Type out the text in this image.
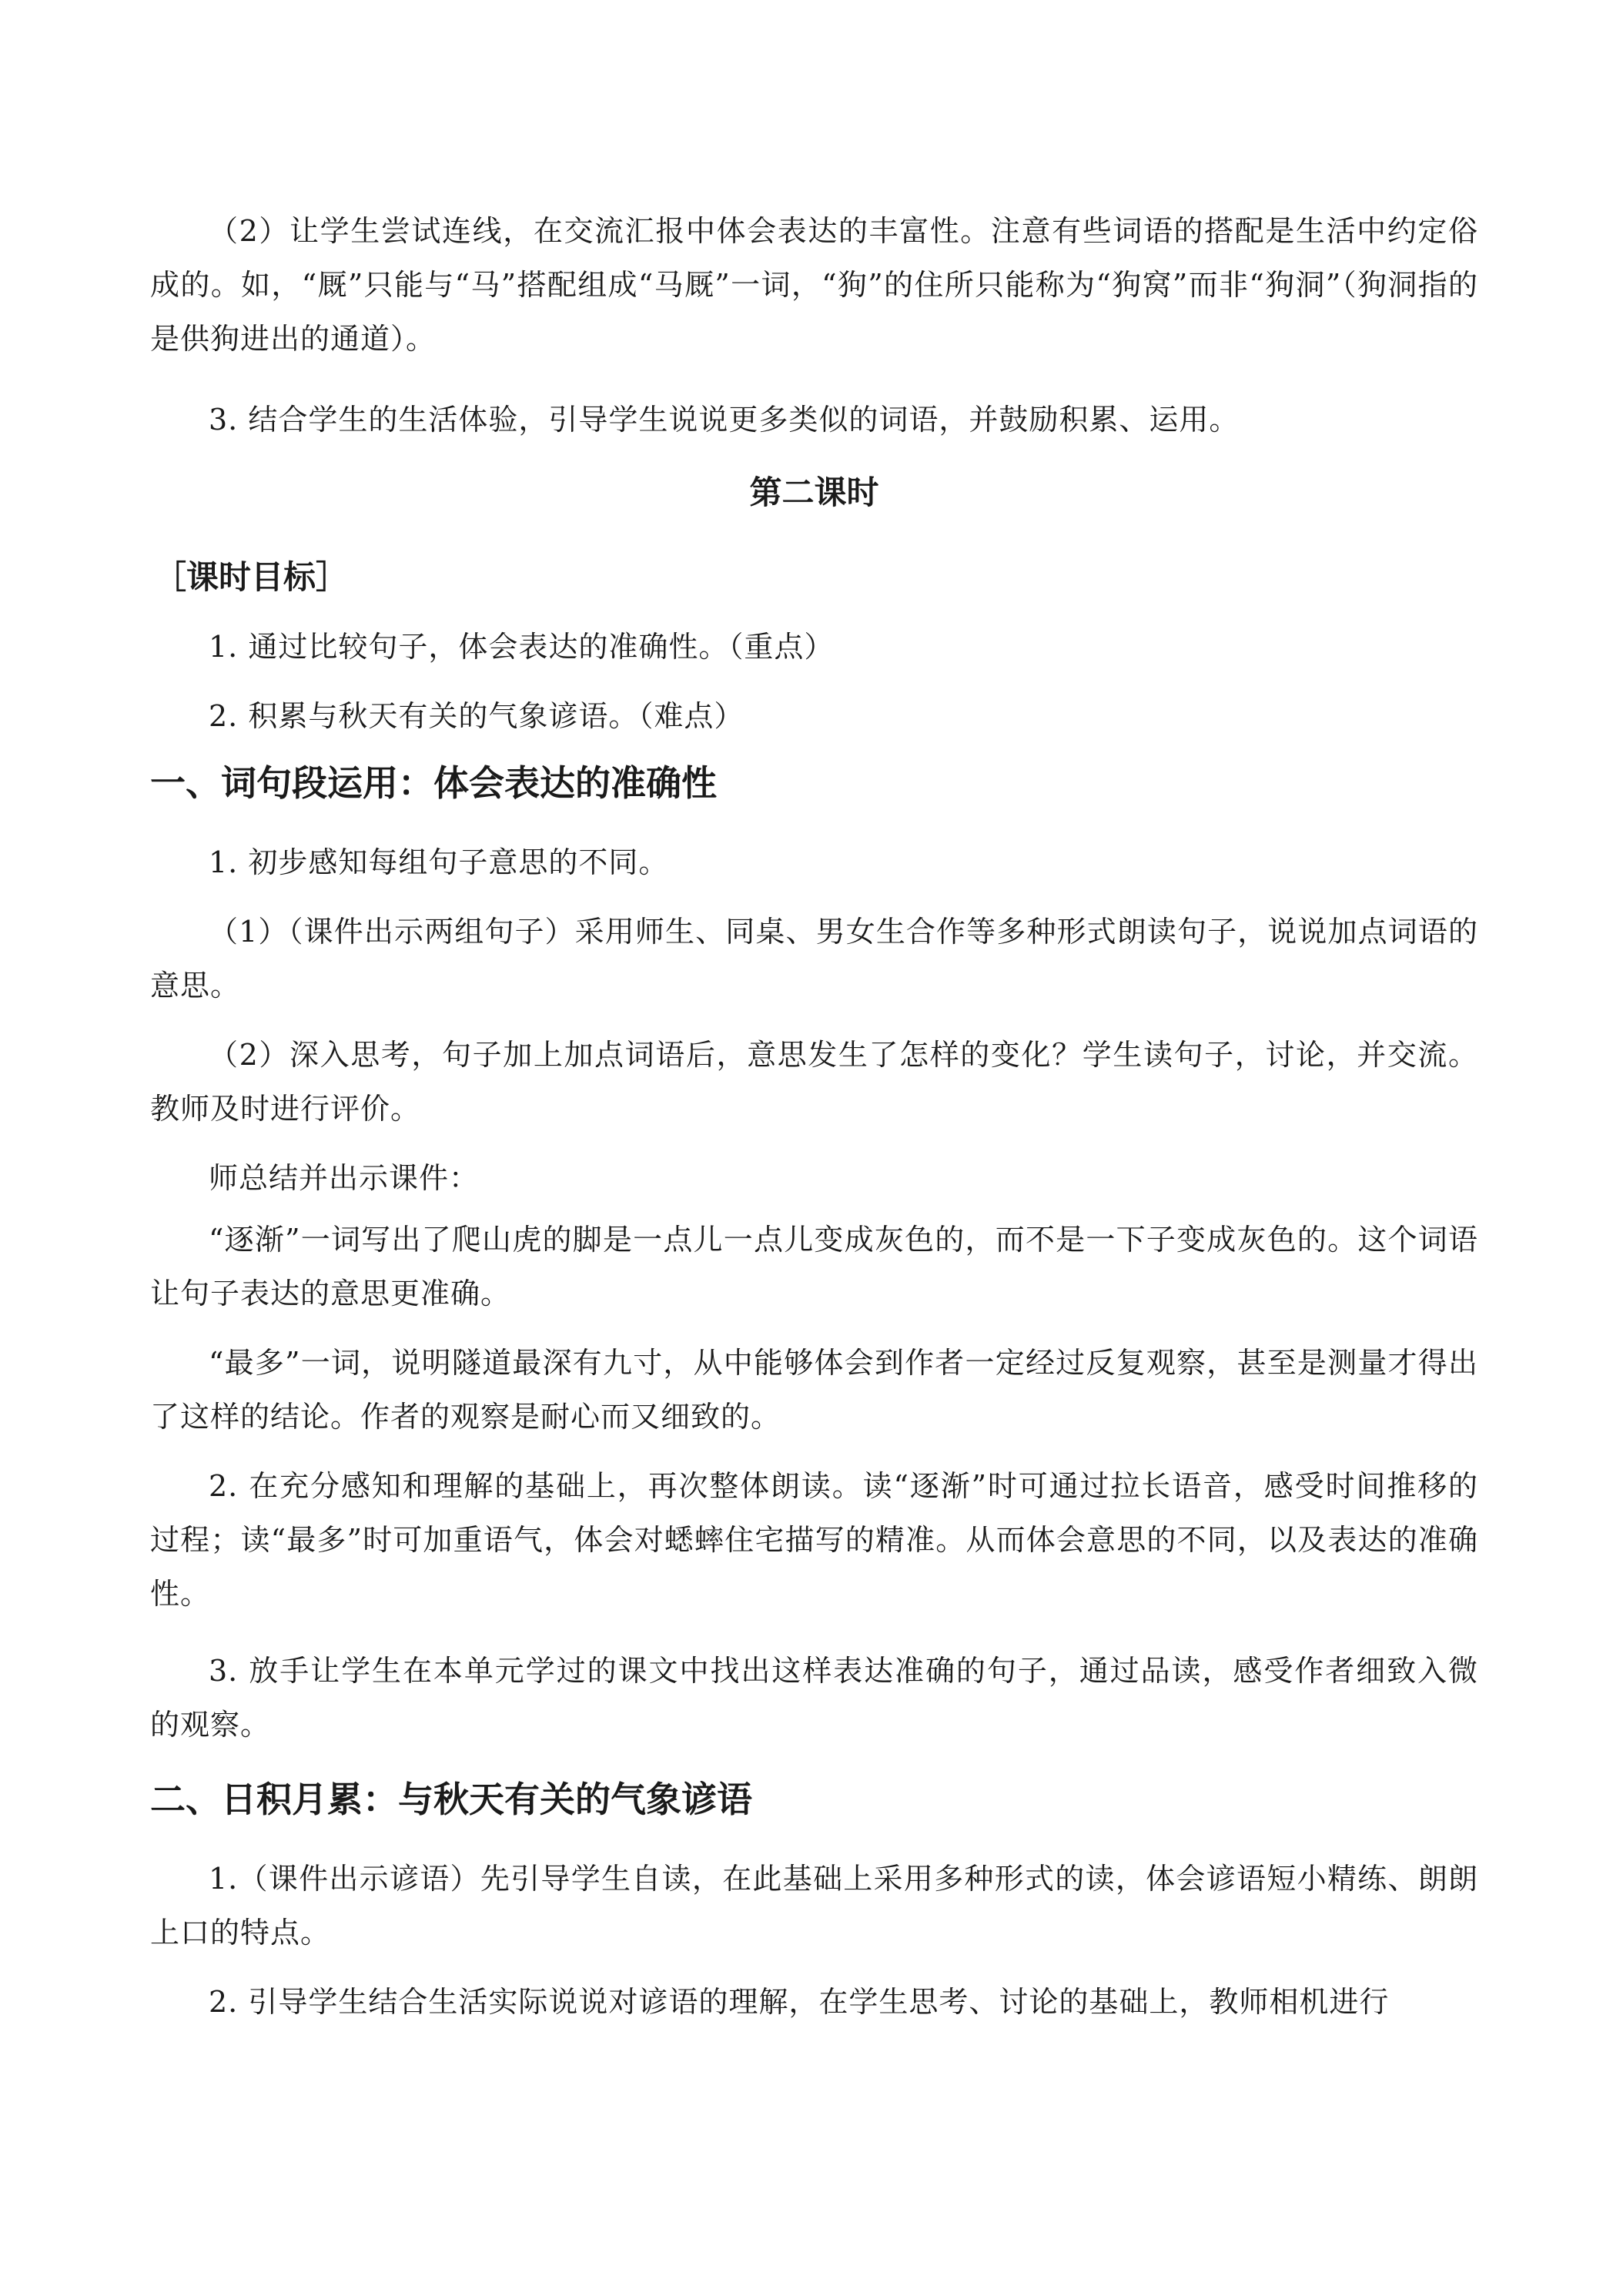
（2）让学生尝试连线，在交流汇报中体会表达的丰富性。注意有些词语的搭配是生活中约定俗成的。如，“厩”只能与“马”搭配组成“马厩”一词，“狗”的住所只能称为“狗窝”而非“狗洞”（狗洞指的是供狗进出的通道）。

3. 结合学生的生活体验，引导学生说说更多类似的词语，并鼓励积累、运用。

第二课时
［课时目标］

1. 通过比较句子，体会表达的准确性。（重点）

2. 积累与秋天有关的气象谚语。（难点）

一、词句段运用：体会表达的准确性

1. 初步感知每组句子意思的不同。

（1）（课件出示两组句子）采用师生、同桌、男女生合作等多种形式朗读句子，说说加点词语的意思。

（2）深入思考，句子加上加点词语后，意思发生了怎样的变化？学生读句子，讨论，并交流。教师及时进行评价。

师总结并出示课件：

“逐渐”一词写出了爬山虎的脚是一点儿一点儿变成灰色的，而不是一下子变成灰色的。这个词语让句子表达的意思更准确。

“最多”一词，说明隧道最深有九寸，从中能够体会到作者一定经过反复观察，甚至是测量才得出了这样的结论。作者的观察是耐心而又细致的。

2. 在充分感知和理解的基础上，再次整体朗读。读“逐渐”时可通过拉长语音，感受时间推移的过程；读“最多”时可加重语气，体会对蟋蟀住宅描写的精准。从而体会意思的不同，以及表达的准确性。

3. 放手让学生在本单元学过的课文中找出这样表达准确的句子，通过品读，感受作者细致入微的观察。

二、日积月累：与秋天有关的气象谚语

1.（课件出示谚语）先引导学生自读，在此基础上采用多种形式的读，体会谚语短小精练、朗朗上口的特点。

2. 引导学生结合生活实际说说对谚语的理解，在学生思考、讨论的基础上，教师相机进行
